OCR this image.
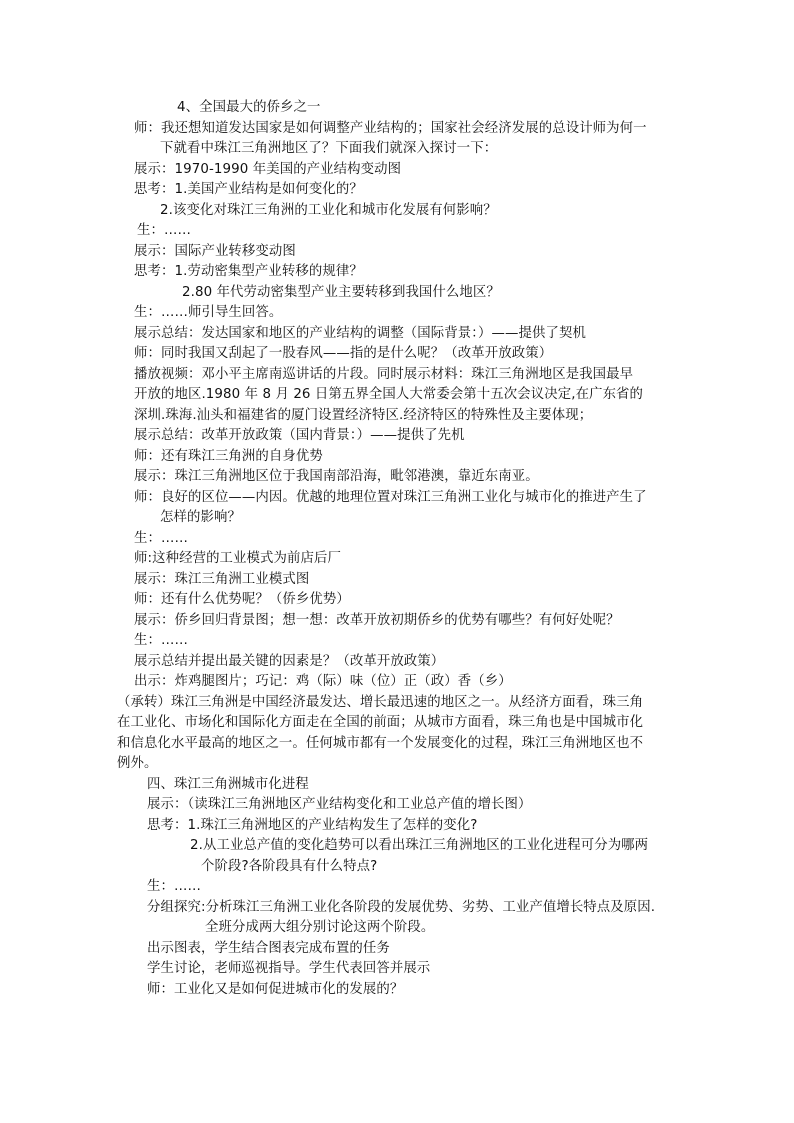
4、全国最大的侨乡之一
师：我还想知道发达国家是如何调整产业结构的；国家社会经济发展的总设计师为何一
下就看中珠江三角洲地区了？下面我们就深入探讨一下：
展示：1970-1990 年美国的产业结构变动图
思考：1.美国产业结构是如何变化的？
2.该变化对珠江三角洲的工业化和城市化发展有何影响？
生：……
展示：国际产业转移变动图
思考：1.劳动密集型产业转移的规律？
2.80 年代劳动密集型产业主要转移到我国什么地区？
生：……师引导生回答。
展示总结：发达国家和地区的产业结构的调整（国际背景：）——提供了契机
师：同时我国又刮起了一股春风——指的是什么呢？（改革开放政策）
播放视频：邓小平主席南巡讲话的片段。同时展示材料：珠江三角洲地区是我国最早
开放的地区.1980 年 8 月 26 日第五界全国人大常委会第十五次会议决定,在广东省的
深圳.珠海.汕头和福建省的厦门设置经济特区.经济特区的特殊性及主要体现；
展示总结：改革开放政策（国内背景：）——提供了先机
师：还有珠江三角洲的自身优势
展示：珠江三角洲地区位于我国南部沿海，毗邻港澳，靠近东南亚。
师：良好的区位——内因。优越的地理位置对珠江三角洲工业化与城市化的推进产生了
怎样的影响？
生：……
师:这种经营的工业模式为前店后厂
展示：珠江三角洲工业模式图
师：还有什么优势呢？（侨乡优势）
展示：侨乡回归背景图；想一想：改革开放初期侨乡的优势有哪些？有何好处呢？
生：……
展示总结并提出最关键的因素是？（改革开放政策）
出示：炸鸡腿图片；巧记：鸡（际）味（位）正（政）香（乡）
（承转）珠江三角洲是中国经济最发达、增长最迅速的地区之一。从经济方面看，珠三角
在工业化、市场化和国际化方面走在全国的前面；从城市方面看，珠三角也是中国城市化
和信息化水平最高的地区之一。任何城市都有一个发展变化的过程，珠江三角洲地区也不
例外。
四、珠江三角洲城市化进程
展示：（读珠江三角洲地区产业结构变化和工业总产值的增长图）
思考：1.珠江三角洲地区的产业结构发生了怎样的变化?
2.从工业总产值的变化趋势可以看出珠江三角洲地区的工业化进程可分为哪两
个阶段?各阶段具有什么特点?
生：……
分组探究:分析珠江三角洲工业化各阶段的发展优势、劣势、工业产值增长特点及原因.
全班分成两大组分别讨论这两个阶段。
出示图表，学生结合图表完成布置的任务
学生讨论，老师巡视指导。学生代表回答并展示
师：工业化又是如何促进城市化的发展的？
